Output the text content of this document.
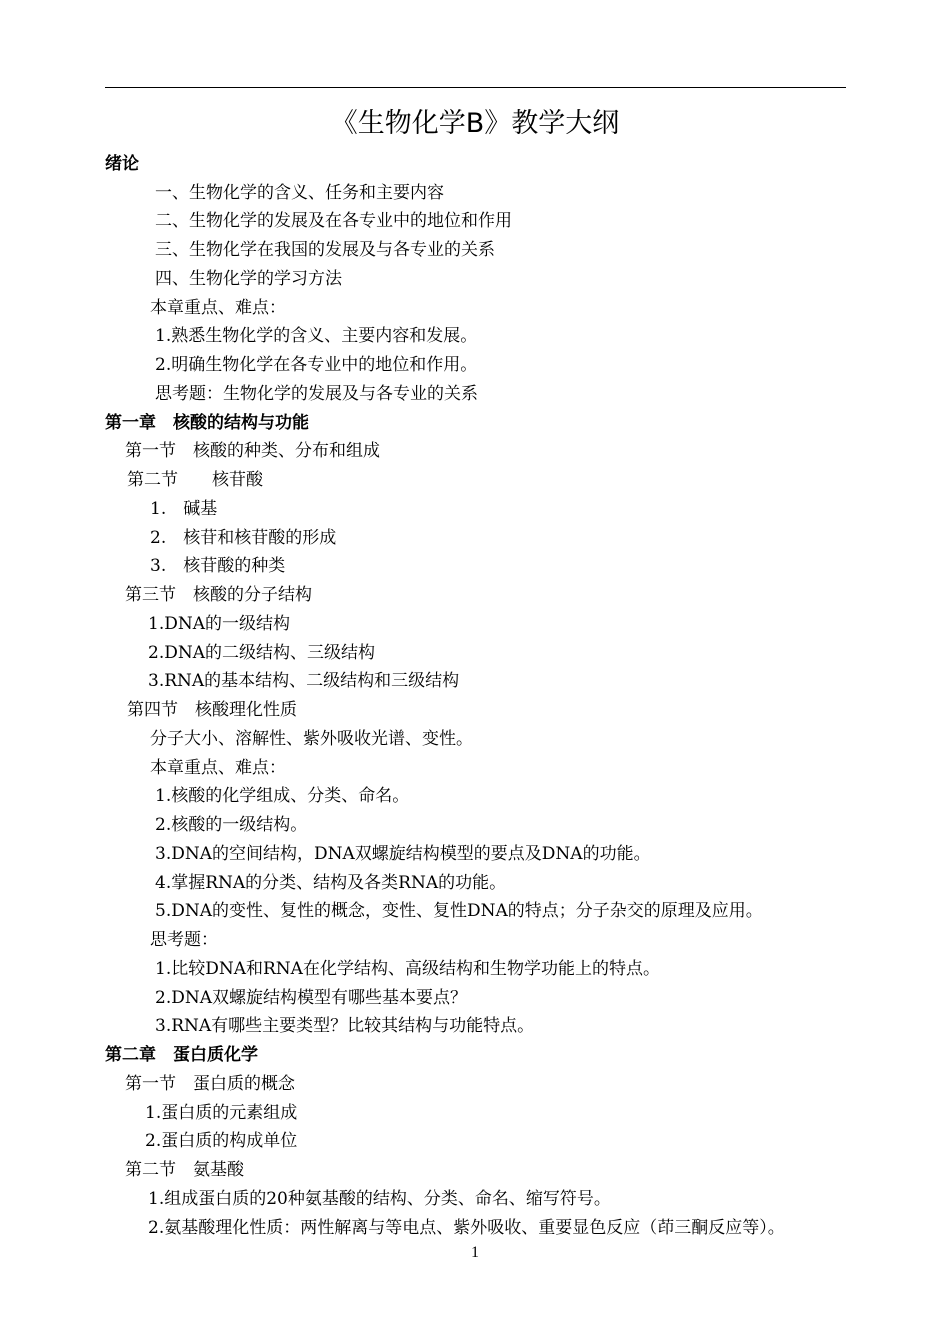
《生物化学B》教学大纲
绪论
一、生物化学的含义、任务和主要内容
二、生物化学的发展及在各专业中的地位和作用
三、生物化学在我国的发展及与各专业的关系
四、生物化学的学习方法
本章重点、难点：
1.熟悉生物化学的含义、主要内容和发展。
2.明确生物化学在各专业中的地位和作用。
思考题：生物化学的发展及与各专业的关系
第一章　核酸的结构与功能
第一节　核酸的种类、分布和组成
第二节　　核苷酸
1.　碱基
2.　核苷和核苷酸的形成
3.　核苷酸的种类
第三节　核酸的分子结构
1.DNA的一级结构
2.DNA的二级结构、三级结构
3.RNA的基本结构、二级结构和三级结构
第四节　核酸理化性质
分子大小、溶解性、紫外吸收光谱、变性。
本章重点、难点：
1.核酸的化学组成、分类、命名。
2.核酸的一级结构。
3.DNA的空间结构，DNA双螺旋结构模型的要点及DNA的功能。
4.掌握RNA的分类、结构及各类RNA的功能。
5.DNA的变性、复性的概念，变性、复性DNA的特点；分子杂交的原理及应用。
思考题：
1.比较DNA和RNA在化学结构、高级结构和生物学功能上的特点。
2.DNA双螺旋结构模型有哪些基本要点？
3.RNA有哪些主要类型？比较其结构与功能特点。
第二章　蛋白质化学
第一节　蛋白质的概念
1.蛋白质的元素组成
2.蛋白质的构成单位
第二节　氨基酸
1.组成蛋白质的20种氨基酸的结构、分类、命名、缩写符号。
2.氨基酸理化性质：两性解离与等电点、紫外吸收、重要显色反应（茚三酮反应等）。
1
